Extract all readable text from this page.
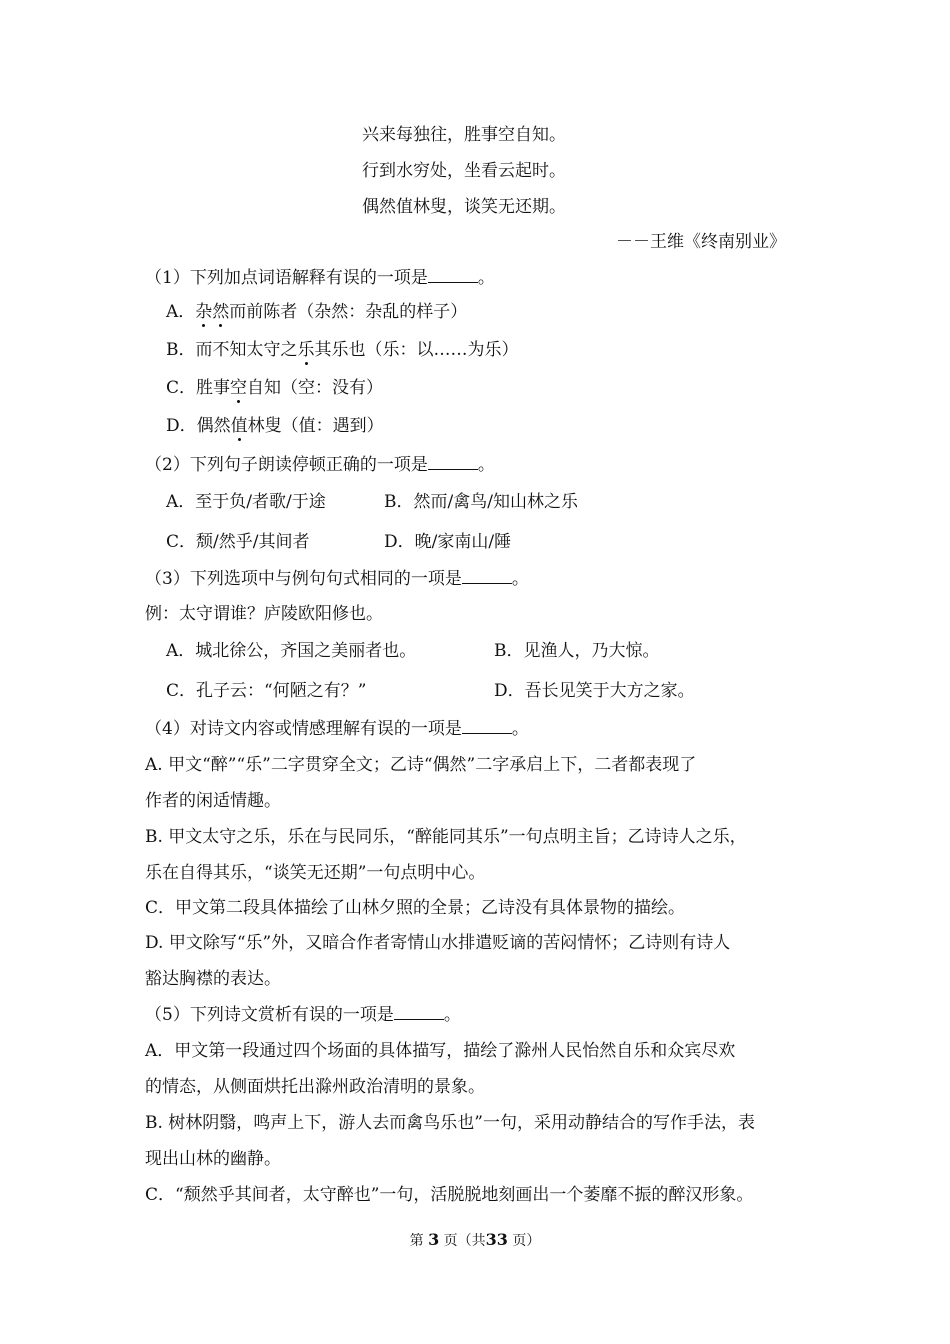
兴来每独往，胜事空自知。
行到水穷处，坐看云起时。
偶然值林叟，谈笑无还期。
－－王维《终南别业》
（1）下列加点词语解释有误的一项是	。
A．杂然而前陈者（杂然：杂乱的样子）
B．而不知太守之乐其乐也（乐：以……为乐）
C．胜事空自知（空：没有）
D．偶然值林叟（值：遇到）
（2）下列句子朗读停顿正确的一项是	。
A．至于负/者歌/于途	B．然而/禽鸟/知山林之乐
C．颓/然乎/其间者	D．晚/家南山/陲
（3）下列选项中与例句句式相同的一项是	。
例：太守谓谁？庐陵欧阳修也。
A．城北徐公，齐国之美丽者也。	B．见渔人，乃大惊。
C．孔子云：“何陋之有？”	D．吾长见笑于大方之家。
（4）对诗文内容或情感理解有误的一项是	。
A. 甲文“醉”“乐”二字贯穿全文；乙诗“偶然”二字承启上下，二者都表现了
作者的闲适情趣。
B. 甲文太守之乐，乐在与民同乐，“醉能同其乐”一句点明主旨；乙诗诗人之乐，
乐在自得其乐，“谈笑无还期”一句点明中心。
C．甲文第二段具体描绘了山林夕照的全景；乙诗没有具体景物的描绘。
D. 甲文除写“乐”外，又暗合作者寄情山水排遣贬谪的苦闷情怀；乙诗则有诗人
豁达胸襟的表达。
（5）下列诗文赏析有误的一项是	。
A．甲文第一段通过四个场面的具体描写，描绘了滁州人民怡然自乐和众宾尽欢
的情态，从侧面烘托出滁州政治清明的景象。
B. 树林阴翳，鸣声上下，游人去而禽鸟乐也”一句，采用动静结合的写作手法，表
现出山林的幽静。
C．“颓然乎其间者，太守醉也”一句，活脱脱地刻画出一个萎靡不振的醉汉形象。
第 3 页（共33 页）
